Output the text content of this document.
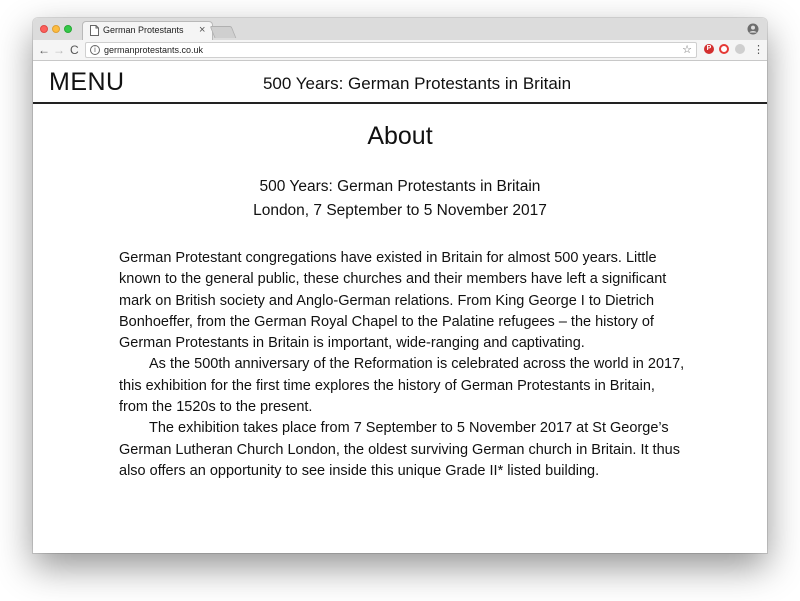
German Protestants ×
← → C	i germanprotestants.co.uk	☆	P	⋮
MENU	500 Years: German Protestants in Britain
About
500 Years: German Protestants in Britain
London, 7 September to 5 November 2017

German Protestant congregations have existed in Britain for almost 500 years. Little known to the general public, these churches and their members have left a significant mark on British society and Anglo-German relations. From King George I to Dietrich Bonhoeffer, from the German Royal Chapel to the Palatine refugees – the history of German Protestants in Britain is important, wide-ranging and captivating.

As the 500th anniversary of the Reformation is celebrated across the world in 2017, this exhibition for the first time explores the history of German Protestants in Britain, from the 1520s to the present.

The exhibition takes place from 7 September to 5 November 2017 at St George’s German Lutheran Church London, the oldest surviving German church in Britain. It thus also offers an opportunity to see inside this unique Grade II* listed building.
